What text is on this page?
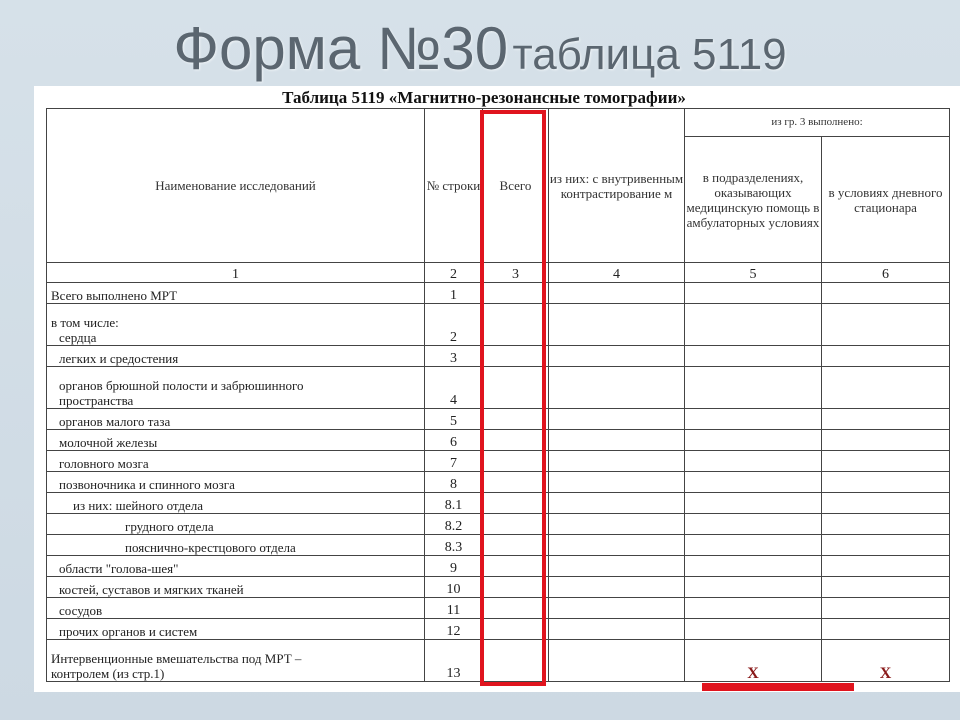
Форма №30 таблица 5119
Таблица 5119 «Магнитно-резонансные томографии»
Наименование исследований	№ строки	Всего	из них: с внутривенным контрастирование м	из гр. 3 выполнено:	
				в подразделениях, оказывающих медицинскую помощь в амбулаторных условиях	в условиях дневного стационара
1	2	3	4	5	6
Всего выполнено МРТ	1				

в том числе:
сердца	2				
легких и средостения	3				

органов брюшной полости и забрюшинного
пространства	4				
органов малого таза	5				
молочной железы	6				
головного мозга	7				
позвоночника и спинного мозга	8				
из них: шейного отдела	8.1				
грудного отдела	8.2				
пояснично-крестцового отдела	8.3				
области "голова-шея"	9				
костей, суставов и мягких тканей	10				
сосудов	11				
прочих органов и систем	12				

Интервенционные вмешательства под МРТ –
контролем (из стр.1)	13			X	X
